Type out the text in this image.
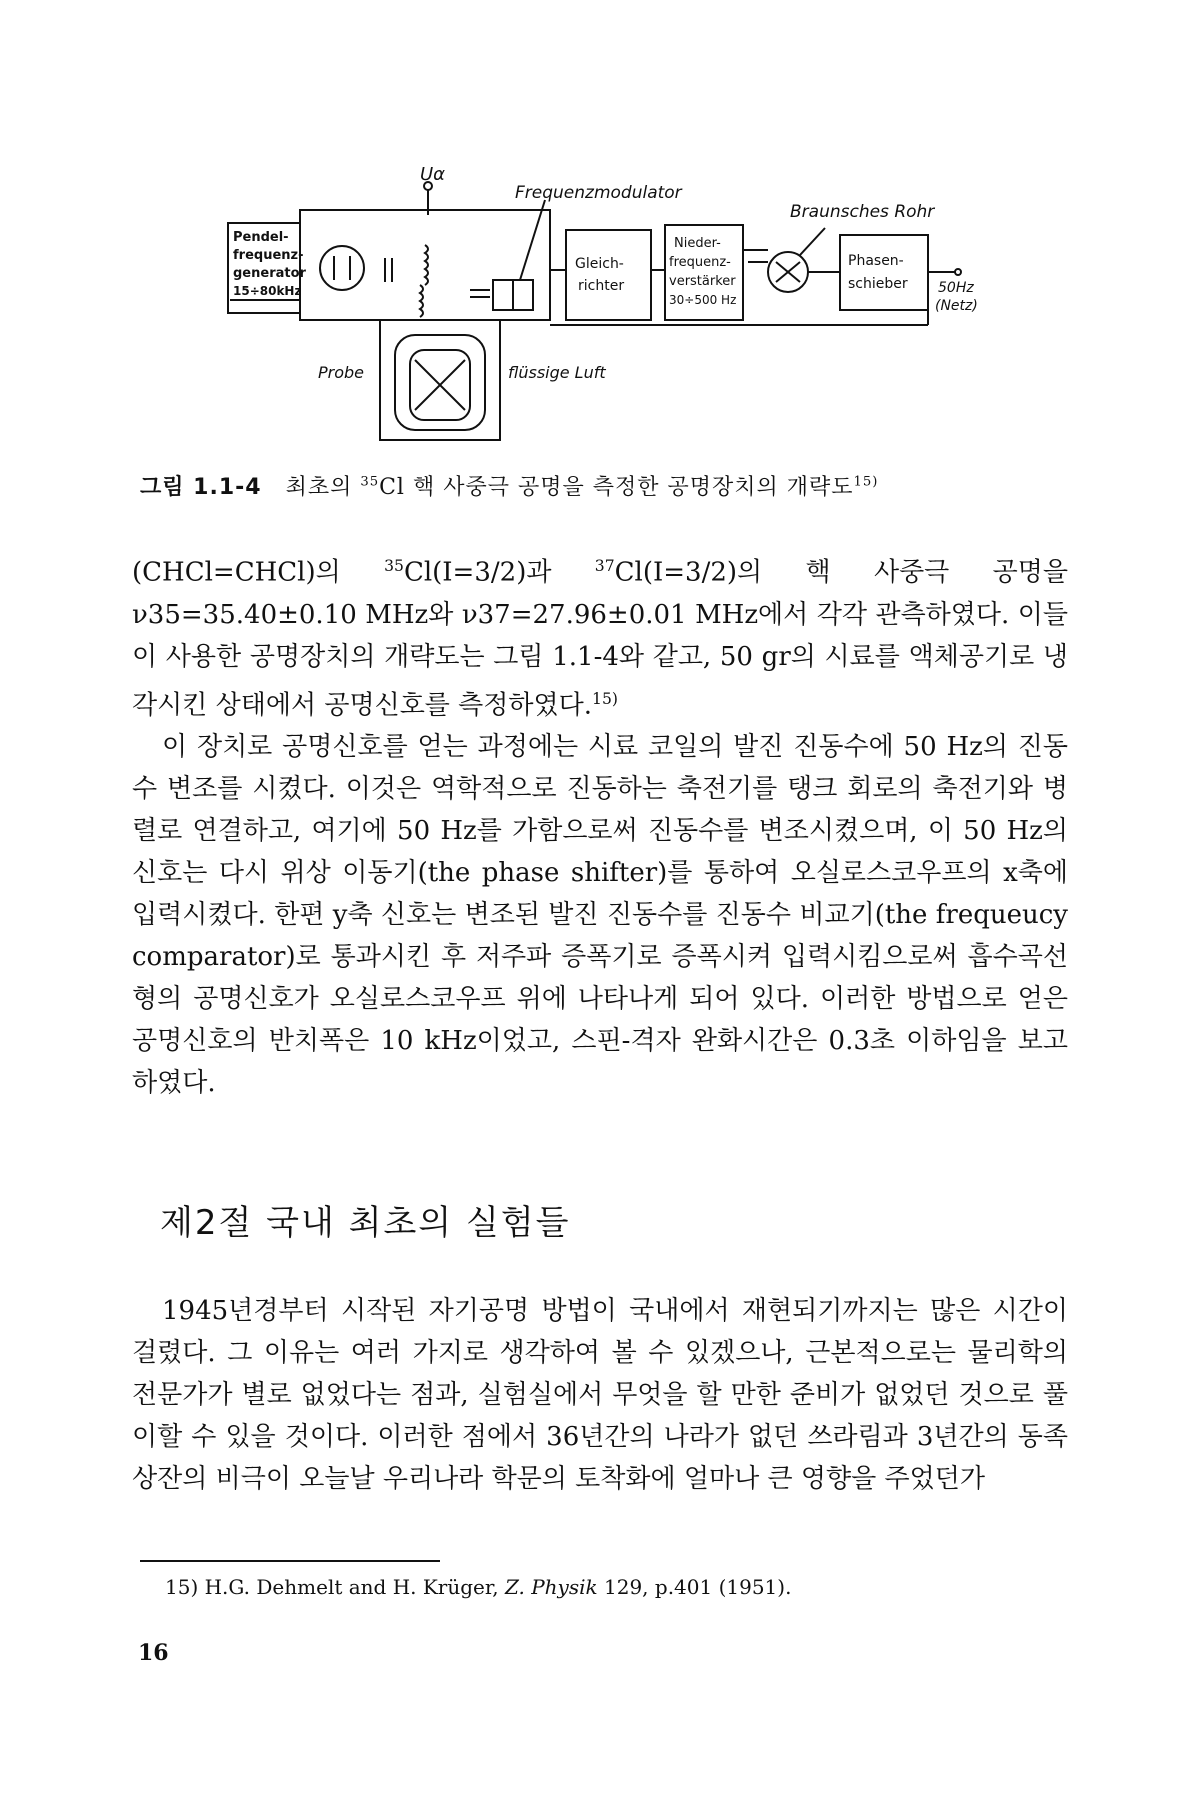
Uα
Frequenzmodulator
Braunsches Rohr
Pendel-
frequenz-
generator
15÷80kHz
Gleich-
richter
Nieder-
frequenz-
verstärker
30÷500 Hz
Phasen-
schieber 50Hz
(Netz)
Probe	flüssige Luft
그림 1.1-4 최초의 $^{35}$Cl 핵 사중극 공명을 측정한 공명장치의 개략도$^{15)}$

(CHCl=CHCl)의 $^{35}$Cl(I=3/2)과 $^{37}$Cl(I=3/2)의 핵 사중극 공명을 ν35=35.40±0.10 MHz와 ν37=27.96±0.01 MHz에서 각각 관측하였다. 이들이 사용한 공명장치의 개략도는 그림 1.1-4와 같고, 50 gr의 시료를 액체공기로 냉각시킨 상태에서 공명신호를 측정하였다.$^{15)}$

이 장치로 공명신호를 얻는 과정에는 시료 코일의 발진 진동수에 50 Hz의 진동수 변조를 시켰다. 이것은 역학적으로 진동하는 축전기를 탱크 회로의 축전기와 병렬로 연결하고, 여기에 50 Hz를 가함으로써 진동수를 변조시켰으며, 이 50 Hz의 신호는 다시 위상 이동기(the phase shifter)를 통하여 오실로스코우프의 x축에 입력시켰다. 한편 y축 신호는 변조된 발진 진동수를 진동수 비교기(the frequeucy comparator)로 통과시킨 후 저주파 증폭기로 증폭시켜 입력시킴으로써 흡수곡선형의 공명신호가 오실로스코우프 위에 나타나게 되어 있다. 이러한 방법으로 얻은 공명신호의 반치폭은 10 kHz이었고, 스핀-격자 완화시간은 0.3초 이하임을 보고하였다.

제2절 국내 최초의 실험들

1945년경부터 시작된 자기공명 방법이 국내에서 재현되기까지는 많은 시간이 걸렸다. 그 이유는 여러 가지로 생각하여 볼 수 있겠으나, 근본적으로는 물리학의 전문가가 별로 없었다는 점과, 실험실에서 무엇을 할 만한 준비가 없었던 것으로 풀이할 수 있을 것이다. 이러한 점에서 36년간의 나라가 없던 쓰라림과 3년간의 동족 상잔의 비극이 오늘날 우리나라 학문의 토착화에 얼마나 큰 영향을 주었던가

15) H.G. Dehmelt and H. Krüger, Z. Physik 129, p.401 (1951).
16
